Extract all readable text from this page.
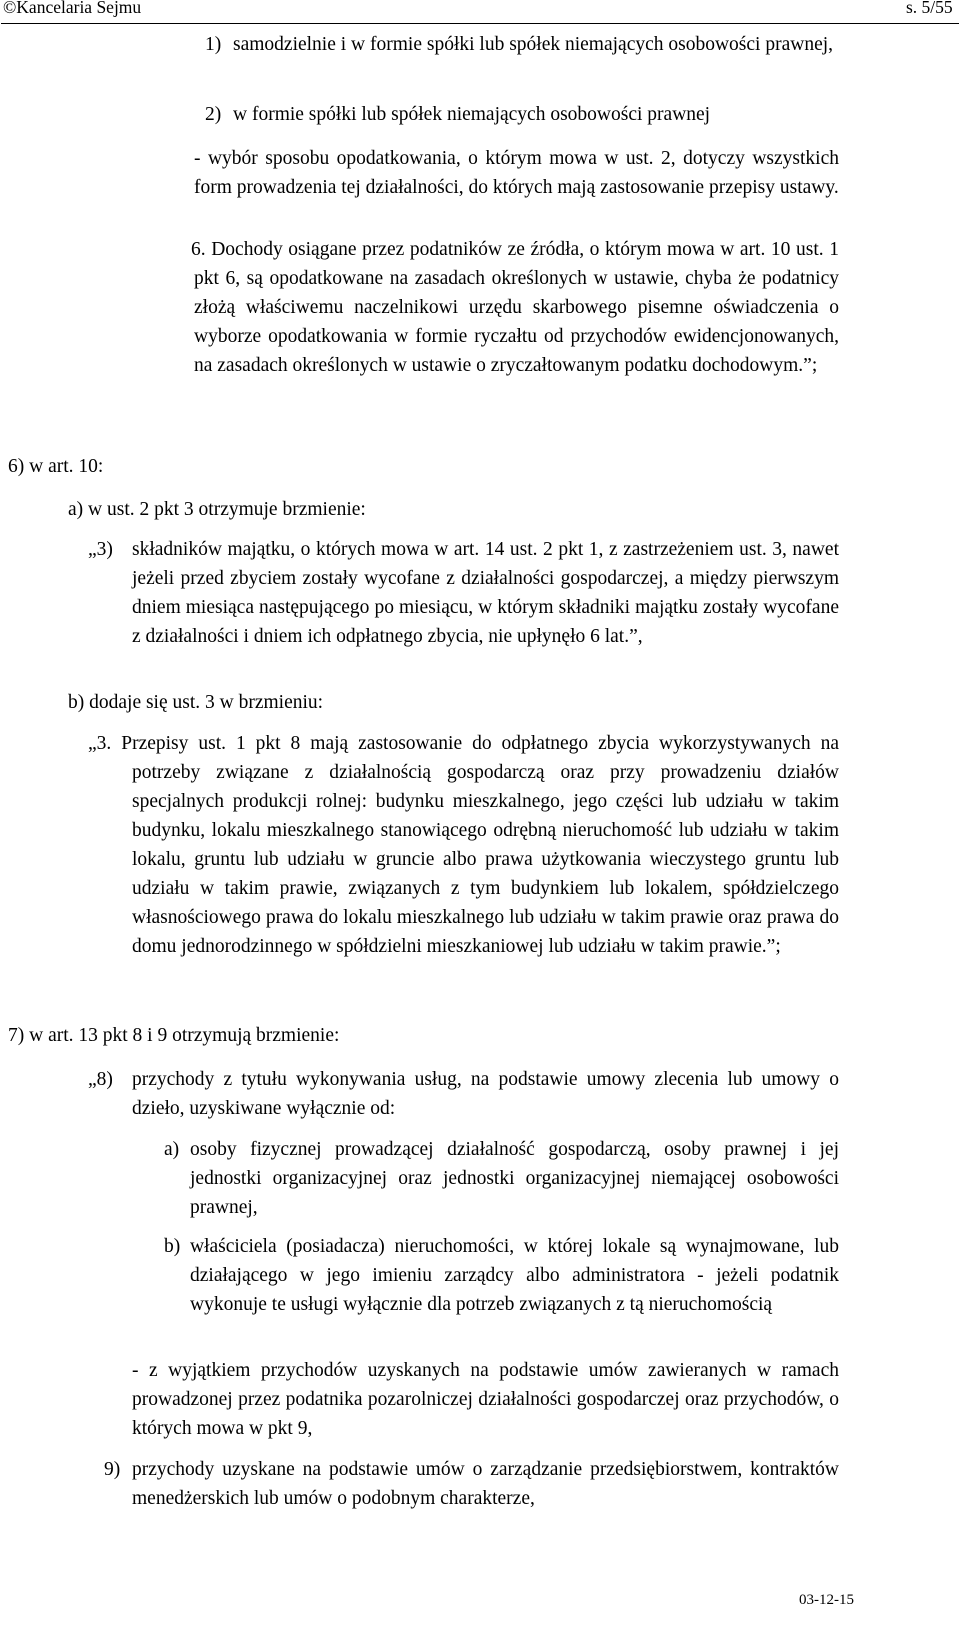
©Kancelaria Sejmu	s. 5/55
1) samodzielnie i w formie spółki lub spółek niemających osobowości prawnej,
2) w formie spółki lub spółek niemających osobowości prawnej
- wybór sposobu opodatkowania, o którym mowa w ust. 2, dotyczy wszystkich form prowadzenia tej działalności, do których mają zastosowanie przepisy ustawy.
6. Dochody osiągane przez podatników ze źródła, o którym mowa w art. 10 ust. 1 pkt 6, są opodatkowane na zasadach określonych w ustawie, chyba że podatnicy złożą właściwemu naczelnikowi urzędu skarbowego pisemne oświadczenia o wyborze opodatkowania w formie ryczałtu od przychodów ewidencjonowanych, na zasadach określonych w ustawie o zryczałtowanym podatku dochodowym.”;
6) w art. 10:
a) w ust. 2 pkt 3 otrzymuje brzmienie:
„3) składników majątku, o których mowa w art. 14 ust. 2 pkt 1, z zastrzeżeniem ust. 3, nawet jeżeli przed zbyciem zostały wycofane z działalności gospodarczej, a między pierwszym dniem miesiąca następującego po miesiącu, w którym składniki majątku zostały wycofane z działalności i dniem ich odpłatnego zbycia, nie upłynęło 6 lat.”,
b) dodaje się ust. 3 w brzmieniu:
„3. Przepisy ust. 1 pkt 8 mają zastosowanie do odpłatnego zbycia wykorzystywanych na potrzeby związane z działalnością gospodarczą oraz przy prowadzeniu działów specjalnych produkcji rolnej: budynku mieszkalnego, jego części lub udziału w takim budynku, lokalu mieszkalnego stanowiącego odrębną nieruchomość lub udziału w takim lokalu, gruntu lub udziału w gruncie albo prawa użytkowania wieczystego gruntu lub udziału w takim prawie, związanych z tym budynkiem lub lokalem, spółdzielczego własnościowego prawa do lokalu mieszkalnego lub udziału w takim prawie oraz prawa do domu jednorodzinnego w spółdzielni mieszkaniowej lub udziału w takim prawie.”;
7) w art. 13 pkt 8 i 9 otrzymują brzmienie:
„8) przychody z tytułu wykonywania usług, na podstawie umowy zlecenia lub umowy o dzieło, uzyskiwane wyłącznie od:
a) osoby fizycznej prowadzącej działalność gospodarczą, osoby prawnej i jej jednostki organizacyjnej oraz jednostki organizacyjnej niemającej osobowości prawnej,
b) właściciela (posiadacza) nieruchomości, w której lokale są wynajmowane, lub działającego w jego imieniu zarządcy albo administratora - jeżeli podatnik wykonuje te usługi wyłącznie dla potrzeb związanych z tą nieruchomością
- z wyjątkiem przychodów uzyskanych na podstawie umów zawieranych w ramach prowadzonej przez podatnika pozarolniczej działalności gospodarczej oraz przychodów, o których mowa w pkt 9,
9) przychody uzyskane na podstawie umów o zarządzanie przedsiębiorstwem, kontraktów menedżerskich lub umów o podobnym charakterze,
03-12-15
